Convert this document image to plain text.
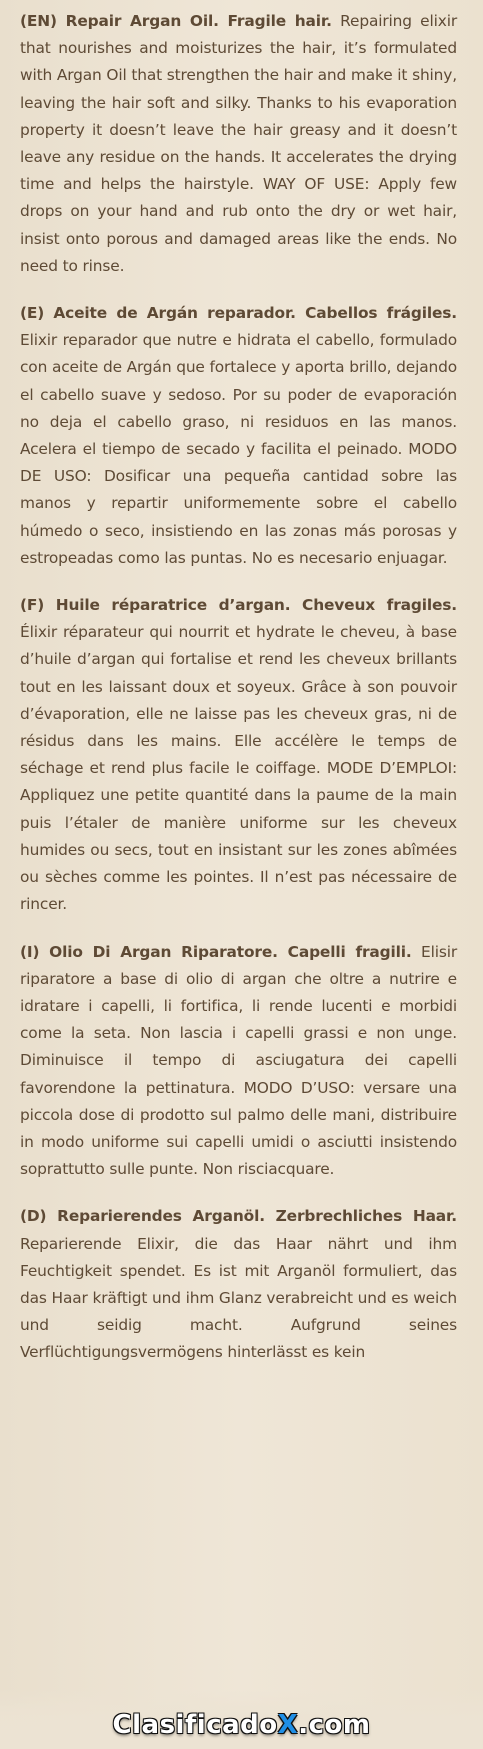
(EN) Repair Argan Oil. Fragile hair. Repairing elixir that nourishes and moisturizes the hair, it’s formulated with Argan Oil that strengthen the hair and make it shiny, leaving the hair soft and silky. Thanks to his evaporation property it doesn’t leave the hair greasy and it doesn’t leave any residue on the hands. It accelerates the drying time and helps the hairstyle. WAY OF USE: Apply few drops on your hand and rub onto the dry or wet hair, insist onto porous and damaged areas like the ends. No need to rinse.

(E) Aceite de Argán reparador. Cabellos frágiles. Elixir reparador que nutre e hidrata el cabello, formulado con aceite de Argán que fortalece y aporta brillo, dejando el cabello suave y sedoso. Por su poder de evaporación no deja el cabello graso, ni residuos en las manos. Acelera el tiempo de secado y facilita el peinado. MODO DE USO: Dosificar una pequeña cantidad sobre las manos y repartir uniformemente sobre el cabello húmedo o seco, insistiendo en las zonas más porosas y estropeadas como las puntas. No es necesario enjuagar.

(F) Huile réparatrice d’argan. Cheveux fragiles. Élixir réparateur qui nourrit et hydrate le cheveu, à base d’huile d’argan qui fortalise et rend les cheveux brillants tout en les laissant doux et soyeux. Grâce à son pouvoir d’évaporation, elle ne laisse pas les cheveux gras, ni de résidus dans les mains. Elle accélère le temps de séchage et rend plus facile le coiffage. MODE D’EMPLOI: Appliquez une petite quantité dans la paume de la main puis l’étaler de manière uniforme sur les cheveux humides ou secs, tout en insistant sur les zones abîmées ou sèches comme les pointes. Il n’est pas nécessaire de rincer.

(I) Olio Di Argan Riparatore. Capelli fragili. Elisir riparatore a base di olio di argan che oltre a nutrire e idratare i capelli, li fortifica, li rende lucenti e morbidi come la seta. Non lascia i capelli grassi e non unge. Diminuisce il tempo di asciugatura dei capelli favorendone la pettinatura. MODO D’USO: versare una piccola dose di prodotto sul palmo delle mani, distribuire in modo uniforme sui capelli umidi o asciutti insistendo soprattutto sulle punte. Non risciacquare.

(D) Reparierendes Arganöl. Zerbrechliches Haar. Reparierende Elixir, die das Haar nährt und ihm Feuchtigkeit spendet. Es ist mit Arganöl formuliert, das das Haar kräftigt und ihm Glanz verabreicht und es weich und seidig macht. Aufgrund seines Verflüchtigungsvermögens hinterlässt es kein

ClasificadoX.com
